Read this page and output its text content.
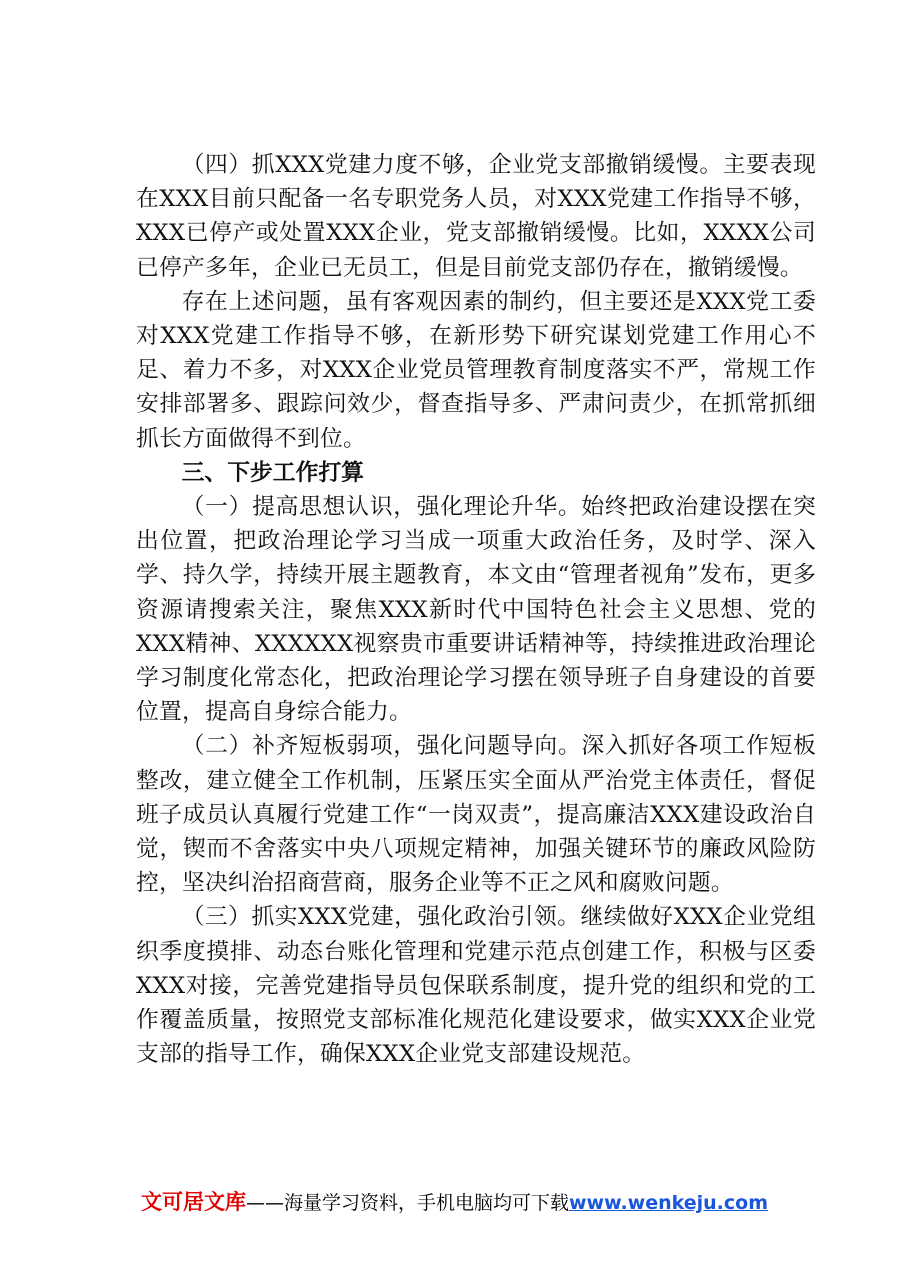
（四）抓XXX党建力度不够，企业党支部撤销缓慢。主要表现在XXX目前只配备一名专职党务人员，对XXX党建工作指导不够，XXX已停产或处置XXX企业，党支部撤销缓慢。比如，XXXX公司已停产多年，企业已无员工，但是目前党支部仍存在，撤销缓慢。

存在上述问题，虽有客观因素的制约，但主要还是XXX党工委对XXX党建工作指导不够，在新形势下研究谋划党建工作用心不足、着力不多，对XXX企业党员管理教育制度落实不严，常规工作安排部署多、跟踪问效少，督查指导多、严肃问责少，在抓常抓细抓长方面做得不到位。

三、下步工作打算

（一）提高思想认识，强化理论升华。始终把政治建设摆在突出位置，把政治理论学习当成一项重大政治任务，及时学、深入学、持久学，持续开展主题教育，本文由“管理者视角”发布，更多资源请搜索关注，聚焦XXX新时代中国特色社会主义思想、党的XXX精神、XXXXXX视察贵市重要讲话精神等，持续推进政治理论学习制度化常态化，把政治理论学习摆在领导班子自身建设的首要位置，提高自身综合能力。

（二）补齐短板弱项，强化问题导向。深入抓好各项工作短板整改，建立健全工作机制，压紧压实全面从严治党主体责任，督促班子成员认真履行党建工作“一岗双责”，提高廉洁XXX建设政治自觉，锲而不舍落实中央八项规定精神，加强关键环节的廉政风险防控，坚决纠治招商营商，服务企业等不正之风和腐败问题。

（三）抓实XXX党建，强化政治引领。继续做好XXX企业党组织季度摸排、动态台账化管理和党建示范点创建工作，积极与区委XXX对接，完善党建指导员包保联系制度，提升党的组织和党的工作覆盖质量，按照党支部标准化规范化建设要求，做实XXX企业党支部的指导工作，确保XXX企业党支部建设规范。

文可居文库——海量学习资料，手机电脑均可下载www.wenkeju.com
